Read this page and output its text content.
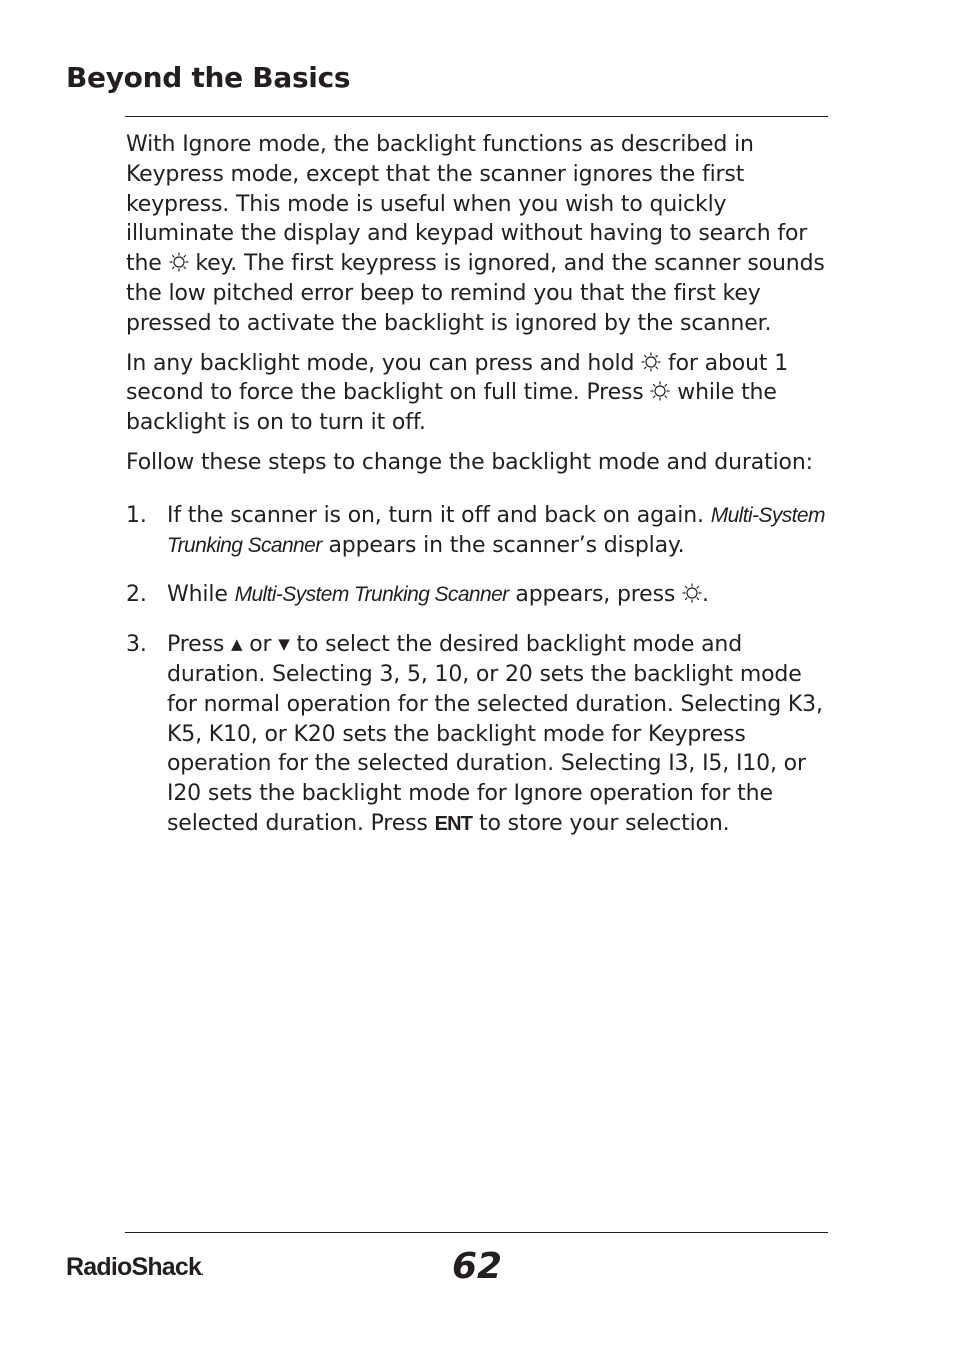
Beyond the Basics

With Ignore mode, the backlight functions as described in Keypress mode, except that the scanner ignores the first keypress. This mode is useful when you wish to quickly illuminate the display and keypad without having to search for the
key. The first keypress is ignored, and the scanner sounds the low pitched error beep to remind you that the first key pressed to activate the backlight is ignored by the scanner.

In any backlight mode, you can press and hold
for about 1 second to force the backlight on full time. Press
while the backlight is on to turn it off.

Follow these steps to change the backlight mode and duration:

1. If the scanner is on, turn it off and back on again. Multi-System Trunking Scanner appears in the scanner’s display.
2. While Multi-System Trunking Scanner appears, press
.
3. Press ▲ or ▼ to select the desired backlight mode and duration. Selecting 3, 5, 10, or 20 sets the backlight mode for normal operation for the selected duration. Selecting K3, K5, K10, or K20 sets the backlight mode for Keypress operation for the selected duration. Selecting I3, I5, I10, or I20 sets the backlight mode for Ignore operation for the selected duration. Press ENT to store your selection.
RadioShack.	62
